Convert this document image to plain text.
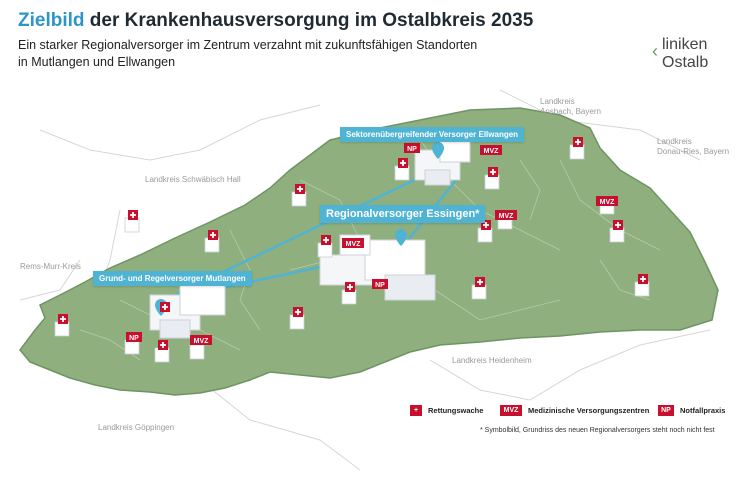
Zielbild der Krankenhausversorgung im Ostalbkreis 2035
Ein starker Regionalversorger im Zentrum verzahnt mit zukunftsfähigen Standorten in Mutlangen und Ellwangen
‹ liniken
Ostalb
MVZ
MVZ
MVZ
MVZ
MVZ
NP
NP
NP
Landkreis
Ansbach, Bayern
Landkreis
Donau-Ries, Bayern
Landkreis Schwäbisch Hall
Rems-Murr-Kreis
Landkreis Heidenheim
Landkreis Göppingen
Sektorenübergreifender Versorger Ellwangen
Regionalversorger Essingen*
Grund- und Regelversorger Mutlangen
+	Rettungswache	MVZ	Medizinische Versorgungszentren	NP	Notfallpraxis
* Symbolbild, Grundriss des neuen Regionalversorgers steht noch nicht fest
